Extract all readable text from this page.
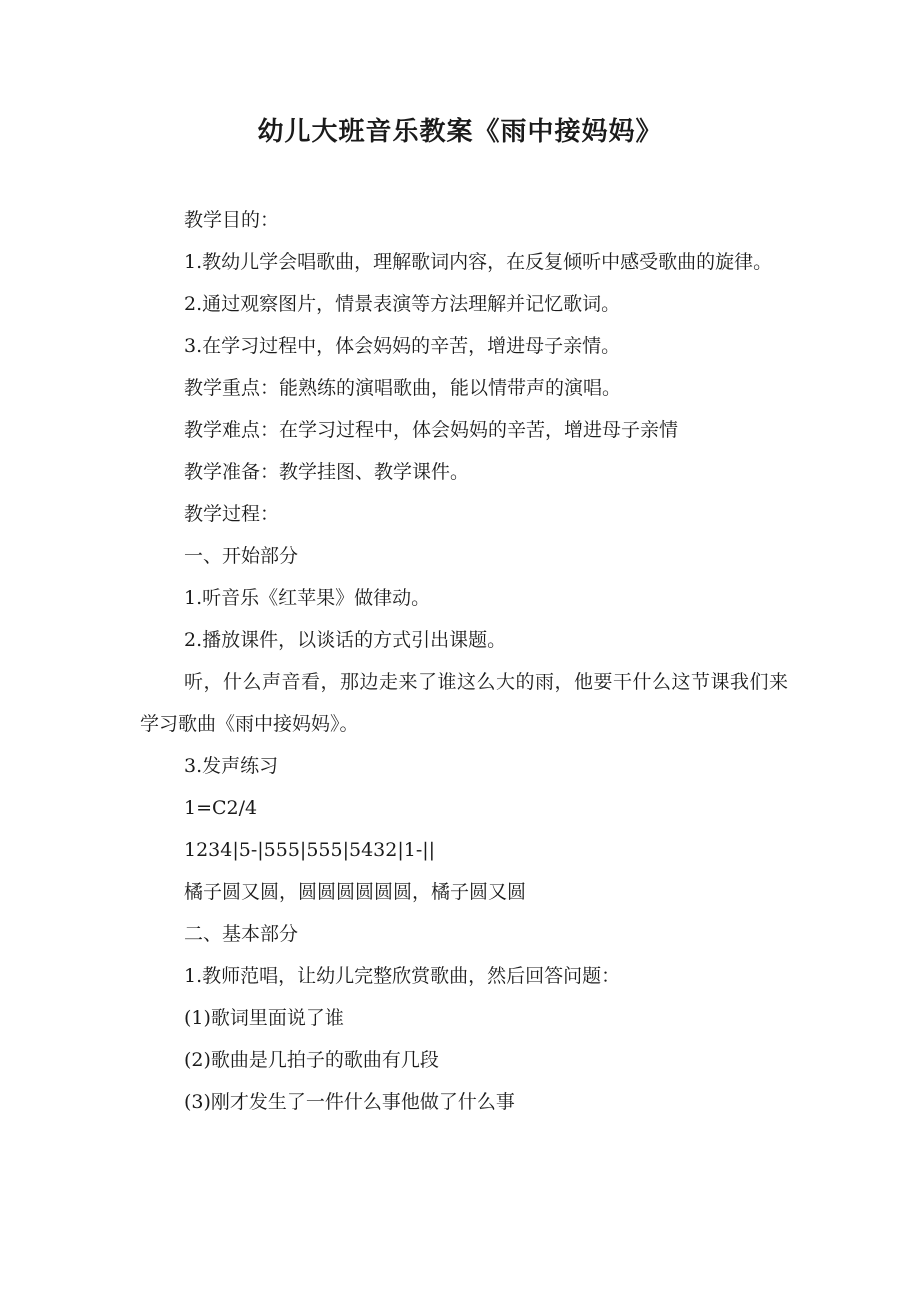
幼儿大班音乐教案《雨中接妈妈》

教学目的：

1.教幼儿学会唱歌曲，理解歌词内容，在反复倾听中感受歌曲的旋律。

2.通过观察图片，情景表演等方法理解并记忆歌词。

3.在学习过程中，体会妈妈的辛苦，增进母子亲情。

教学重点：能熟练的演唱歌曲，能以情带声的演唱。

教学难点：在学习过程中，体会妈妈的辛苦，增进母子亲情

教学准备：教学挂图、教学课件。

教学过程：

一、开始部分

1.听音乐《红苹果》做律动。

2.播放课件，以谈话的方式引出课题。

听，什么声音看，那边走来了谁这么大的雨，他要干什么这节课我们来学习歌曲《雨中接妈妈》。

3.发声练习

1=C2/4

1234|5-|555|555|5432|1-||

橘子圆又圆，圆圆圆圆圆圆，橘子圆又圆

二、基本部分

1.教师范唱，让幼儿完整欣赏歌曲，然后回答问题：

(1)歌词里面说了谁

(2)歌曲是几拍子的歌曲有几段

(3)刚才发生了一件什么事他做了什么事
